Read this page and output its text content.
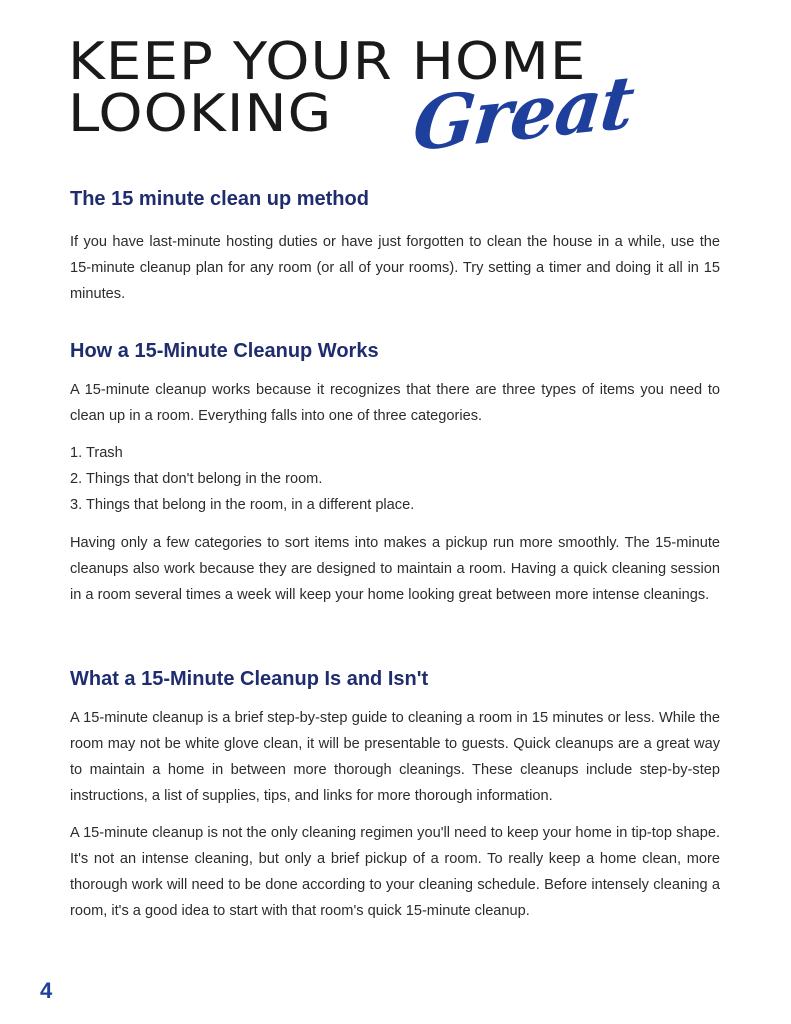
KEEP YOUR HOME
LOOKING Great
The 15 minute clean up method

If you have last-minute hosting duties or have just forgotten to clean the house in a while, use the 15-minute cleanup plan for any room (or all of your rooms). Try setting a timer and doing it all in 15 minutes.

How a 15-Minute Cleanup Works

A 15-minute cleanup works because it recognizes that there are three types of items you need to clean up in a room. Everything falls into one of three categories.

1. Trash
2. Things that don't belong in the room.
3. Things that belong in the room, in a different place.

Having only a few categories to sort items into makes a pickup run more smoothly. The 15-minute cleanups also work because they are designed to maintain a room. Having a quick cleaning session in a room several times a week will keep your home looking great between more intense cleanings.

What a 15-Minute Cleanup Is and Isn't

A 15-minute cleanup is a brief step-by-step guide to cleaning a room in 15 minutes or less. While the room may not be white glove clean, it will be presentable to guests. Quick cleanups are a great way to maintain a home in between more thorough cleanings. These cleanups include step-by-step instructions, a list of supplies, tips, and links for more thorough information.

A 15-minute cleanup is not the only cleaning regimen you'll need to keep your home in tip-top shape. It's not an intense cleaning, but only a brief pickup of a room. To really keep a home clean, more thorough work will need to be done according to your cleaning schedule. Before intensely cleaning a room, it's a good idea to start with that room's quick 15-minute cleanup.

4
